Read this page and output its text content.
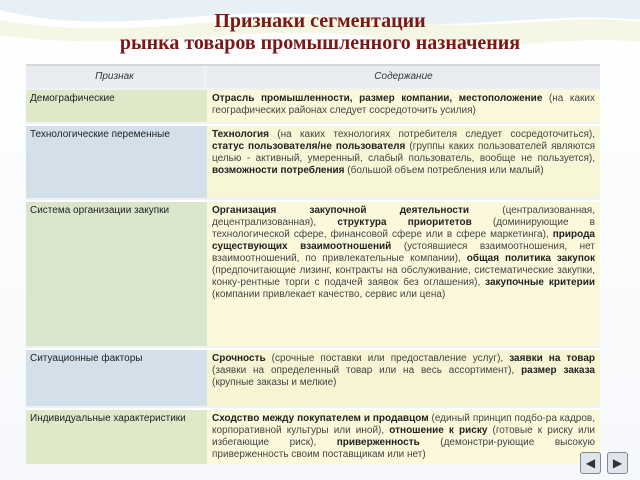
Признаки сегментации
рынка товаров промышленного назначения
Признак	Содержание
Демографические	Отрасль промышленности, размер компании, местоположение (на каких географических районах следует сосредоточить усилия)
Технологические переменные	Технология (на каких технологиях потребителя следует сосредоточиться), статус пользователя/не пользователя (группы каких пользователей являются целью - активный, умеренный, слабый пользователь, вообще не пользуется), возможности потребления (большой объем потребления или малый)
Система организации закупки	Организация закупочной деятельности (централизованная, децентрализованная), структура приоритетов (доминирующие в технологической сфере, финансовой сфере или в сфере маркетинга), природа существующих взаимоотношений (устоявшиеся взаимоотношения, нет взаимоотношений, по привлекательные компании), общая политика закупок (предпочитающие лизинг, контракты на обслуживание, систематические закупки, конку-рентные торги с подачей заявок без оглашения), закупочные критерии (компании привлекает качество, сервис или цена)
Ситуационные факторы	Срочность (срочные поставки или предоставление услуг), заявки на товар (заявки на определенный товар или на весь ассортимент), размер заказа (крупные заказы и мелкие)
Индивидуальные характеристики	Сходство между покупателем и продавцом (единый принцип подбо-ра кадров, корпоративной культуры или иной), отношение к риску (готовые к риску или избегающие риск), приверженность (демонстри-рующие высокую приверженность своим поставщикам или нет)
◀ ▶
